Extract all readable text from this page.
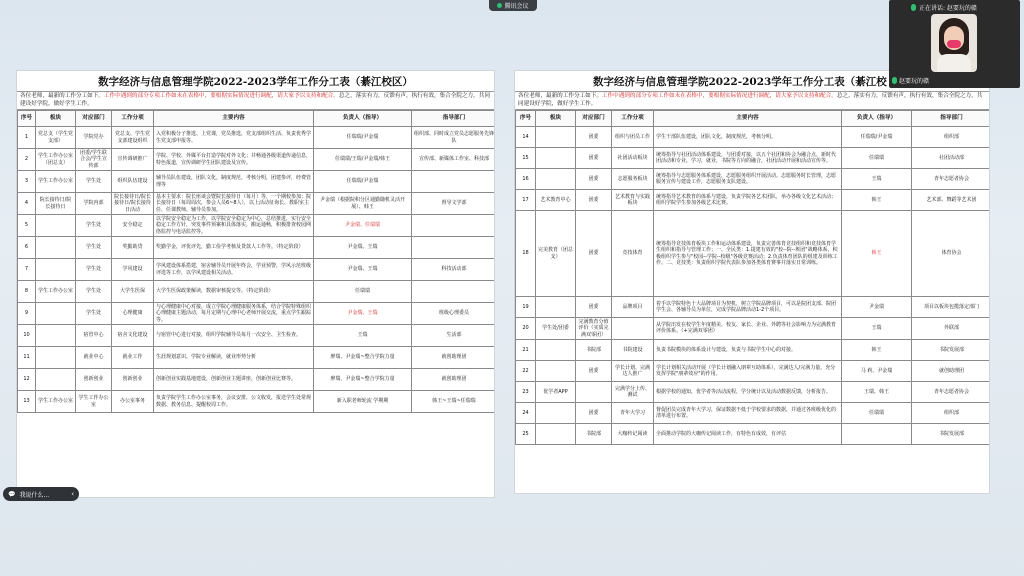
腾讯会议
数字经济与信息管理学院2022-2023学年工作分工表（綦江校区）
各位老师，最新的工作分工如下。工作中遇到的部分专项工作如未在表格中，要根据实际情况进行调配，请大家予以支持和配合。总之，落实有力，反馈有声，执行有效，集合全院之力，共同建设好学院，做好学生工作。
序号	板块	对应部门	工作分项	主要内容	负责人（指导）	指导部门
1	党总支（学生党支部）	学院党办	党总支、学生党支部建设组织	入党积极分子推选、上党课，党员推选，党支部组织生活、负责优秀学生党支部申报等。	任瑞瑞/尹金瑞	组织部、同时成立党员志愿服务先锋队
2	学生工作办公室（团总支）	团委/学生联合会/学生宣传部	宣传调研推广	学院、学校、外媒平台打造学院对外文化；并畅通各级渠道传递信息，特色报道，宣传调研学生团队建设及宣传。	任瑞瑞/王瑞/尹金瑞/韩王	宣传部、新媒体工作室、科技部
3	学生工作办公室	学生处	组织队伍建设	辅导员队伍建设，团队文化，制度规范，考核分明，团建参评，经费管理等	任瑞瑞/尹金瑞	
4	院长接待日/院长接待日	学院内部	院长接待日/院长接待日/院长接待日活动	基本主要求：院长座谈会暨院长接待日（每月）等，一个期校参加；院长接待日（每周周次，参会人员6~8人），以上活动征询长、教职室主任、任课教师、辅导员参加。	尹金瑞（根据院积分区通勤随机灵活开展）、韩王	督导文学部
5		学生处	安全稳定	以学院安全稳定为工作，以学院安全稳定为中心，总结推进，实行安全稳定工作方针，突发事件预案和具体落实，搬运通畅，积极排查校园网络监控与电话监控等。	尹金瑞、任瑞瑞	
6		学生处	奖勤助贷	奖勤学金，评优评先，勤工俭学考核及贷款人工作等。（特定阶段）	尹金瑞、王瑞	
7		学生处	学风建设	学风建设体系搭建，宿舍辅导员开展年终会，学业预警，学风示范班级评选等工作，以学风建设相关活动。	尹金瑞、王瑞	科技活动部
8	学生工作办公室	学生处	大学生医保	大学生医保政策解读，数据审核提交等。（特定阶段）	任瑞瑞	
9		学生处	心理健康	与心理健康中心对接，成立学院心理健康服务体系，结合学院特殊组织心理健康主题活动，每月定期与心理中心老师开展交流，重点学生跟踪等。	尹金瑞、王瑞	班级心理委员
10		宿管中心	宿舍文化建设	与宿管中心进行对接，组织学院辅导员每月一次安全、卫生检查。	王瑞	生活部
11		就业中心	就业工作	生涯规划意识、学院专业解读，就业形势分析	廖瑞、尹金瑞~整合学院力量	就创助理团
12		创新创业	创新创业	创新创业实践基地建设，创新创业主题讲座，创新创业比赛等。	廖瑞、尹金瑞~整合学院力量	就创助理团
13	学生工作办公室	学生工作办公室	办公室事务	负责学院学生工作办公室事务，会议安排，公文收发，报送学生处常规数据、教务信息、提醒校周工作。	新入职老师轮流 学期期	韩王~王瑞~任瑞瑞
数字经济与信息管理学院2022-2023学年工作分工表（綦江校
各位老师，最新的工作分工如下。工作中遇到的部分专项工作如未在表格中，要根据实际情况进行调配，请大家予以支持和配合。总之，落实有力，反馈有声，执行有效，集合全院之力，共同建设好学院，做好学生工作。
序号	板块	对应部门	工作分项	主要内容	负责人（指导）	指导部门
14		团委	组织与团员工作	学生干部队伍建设，团队文化，制度规范，考核分明。	任瑞瑞/尹金瑞	组织部
15		团委	社团活动板块	统筹指导与社团活动体系建设，与团委对接，以五个社团和协会为融合点，新时代团活动和专业，学习，就业，书院等方向的融合，社团活动开展和活动宣传等。	任瑞瑞	社团活动部
16		团委	志愿服务板块	统筹指导与志愿服务体系建设，志愿服务组织开展活动。志愿服务时长管理，志愿服务宣传与建设工作，志愿服务支队建设。	王瑞	青年志愿者协会
17	艺术教育中心	团委	艺术教育与实践板块	统筹指导艺术教育的体系与建设，负责学院各艺术团队，举办各级文化艺术活动；组织学院学生参加各级艺术比赛。	韩王	艺术部、舞蹈等艺术团
18	完美教育（团总支）	团委	竞技体育	统筹指导竞技体育板块工作和运动体系建设，负责完善体育竞技组织和竞技体育学生组织和指导与管理工作；一、全民类：1.提建有效的"校--院--班团"战略体系，积极组织学生参与"校园--学院--校级"各级竞赛活动；2.负责体育团队的组建及训练工作。二、竞技类：负责组织学院代表队参加各类体育赛事并落实日常训练。	韩王	体育协会
19		团委	品牌项目	着手以学院特色十大品牌项目为契机，树立学院品牌项目，可以是院团支部、院团学生会、各辅导员为单位，完成学院品牌活动1-2个项目。	尹金瑞	项目以板块包揽落定部门
20	学生处/团委	完满教育分值评价（实质完满双零团）		从学院出发在校学生年度精美、校友、家长、企业、外聘等社会影响力为完满教育评价体系。（+完满双零团）	王瑞	外联部
21		书院部	书院建设	负责书院模块的体系设计与建设，负责与书院学生中心的对接。	韩王	书院发展部
22		团委	学长计划、完满达人推广	学长计划相关活动开展（学长计划融入朋辈互助体系），完满达人/完满力量，充分发挥学院"朋辈效应"的作用。	马 莉、尹金瑞	就创助理团
23	优学者APP		完满学分上传、测试	根据学校的通知，优学者等活动流程，学分统计以及活动数据反馈，分析报告。	王瑞、韩王	青年志愿者协会
24		团委	青年大学习	督促团员完成青年大学习，保证数据不低于学校要求的数据，并通过各班级优化的清单进行布置。	任瑞瑞	组织部
25		书院部	大咖传记阅读	全面推动学院的大咖传记阅读工作，有特色有成效，有评估		书院发展部
正在讲话: 赵要玩的赣
赵要玩的赣
💬 我说什么...	‹
